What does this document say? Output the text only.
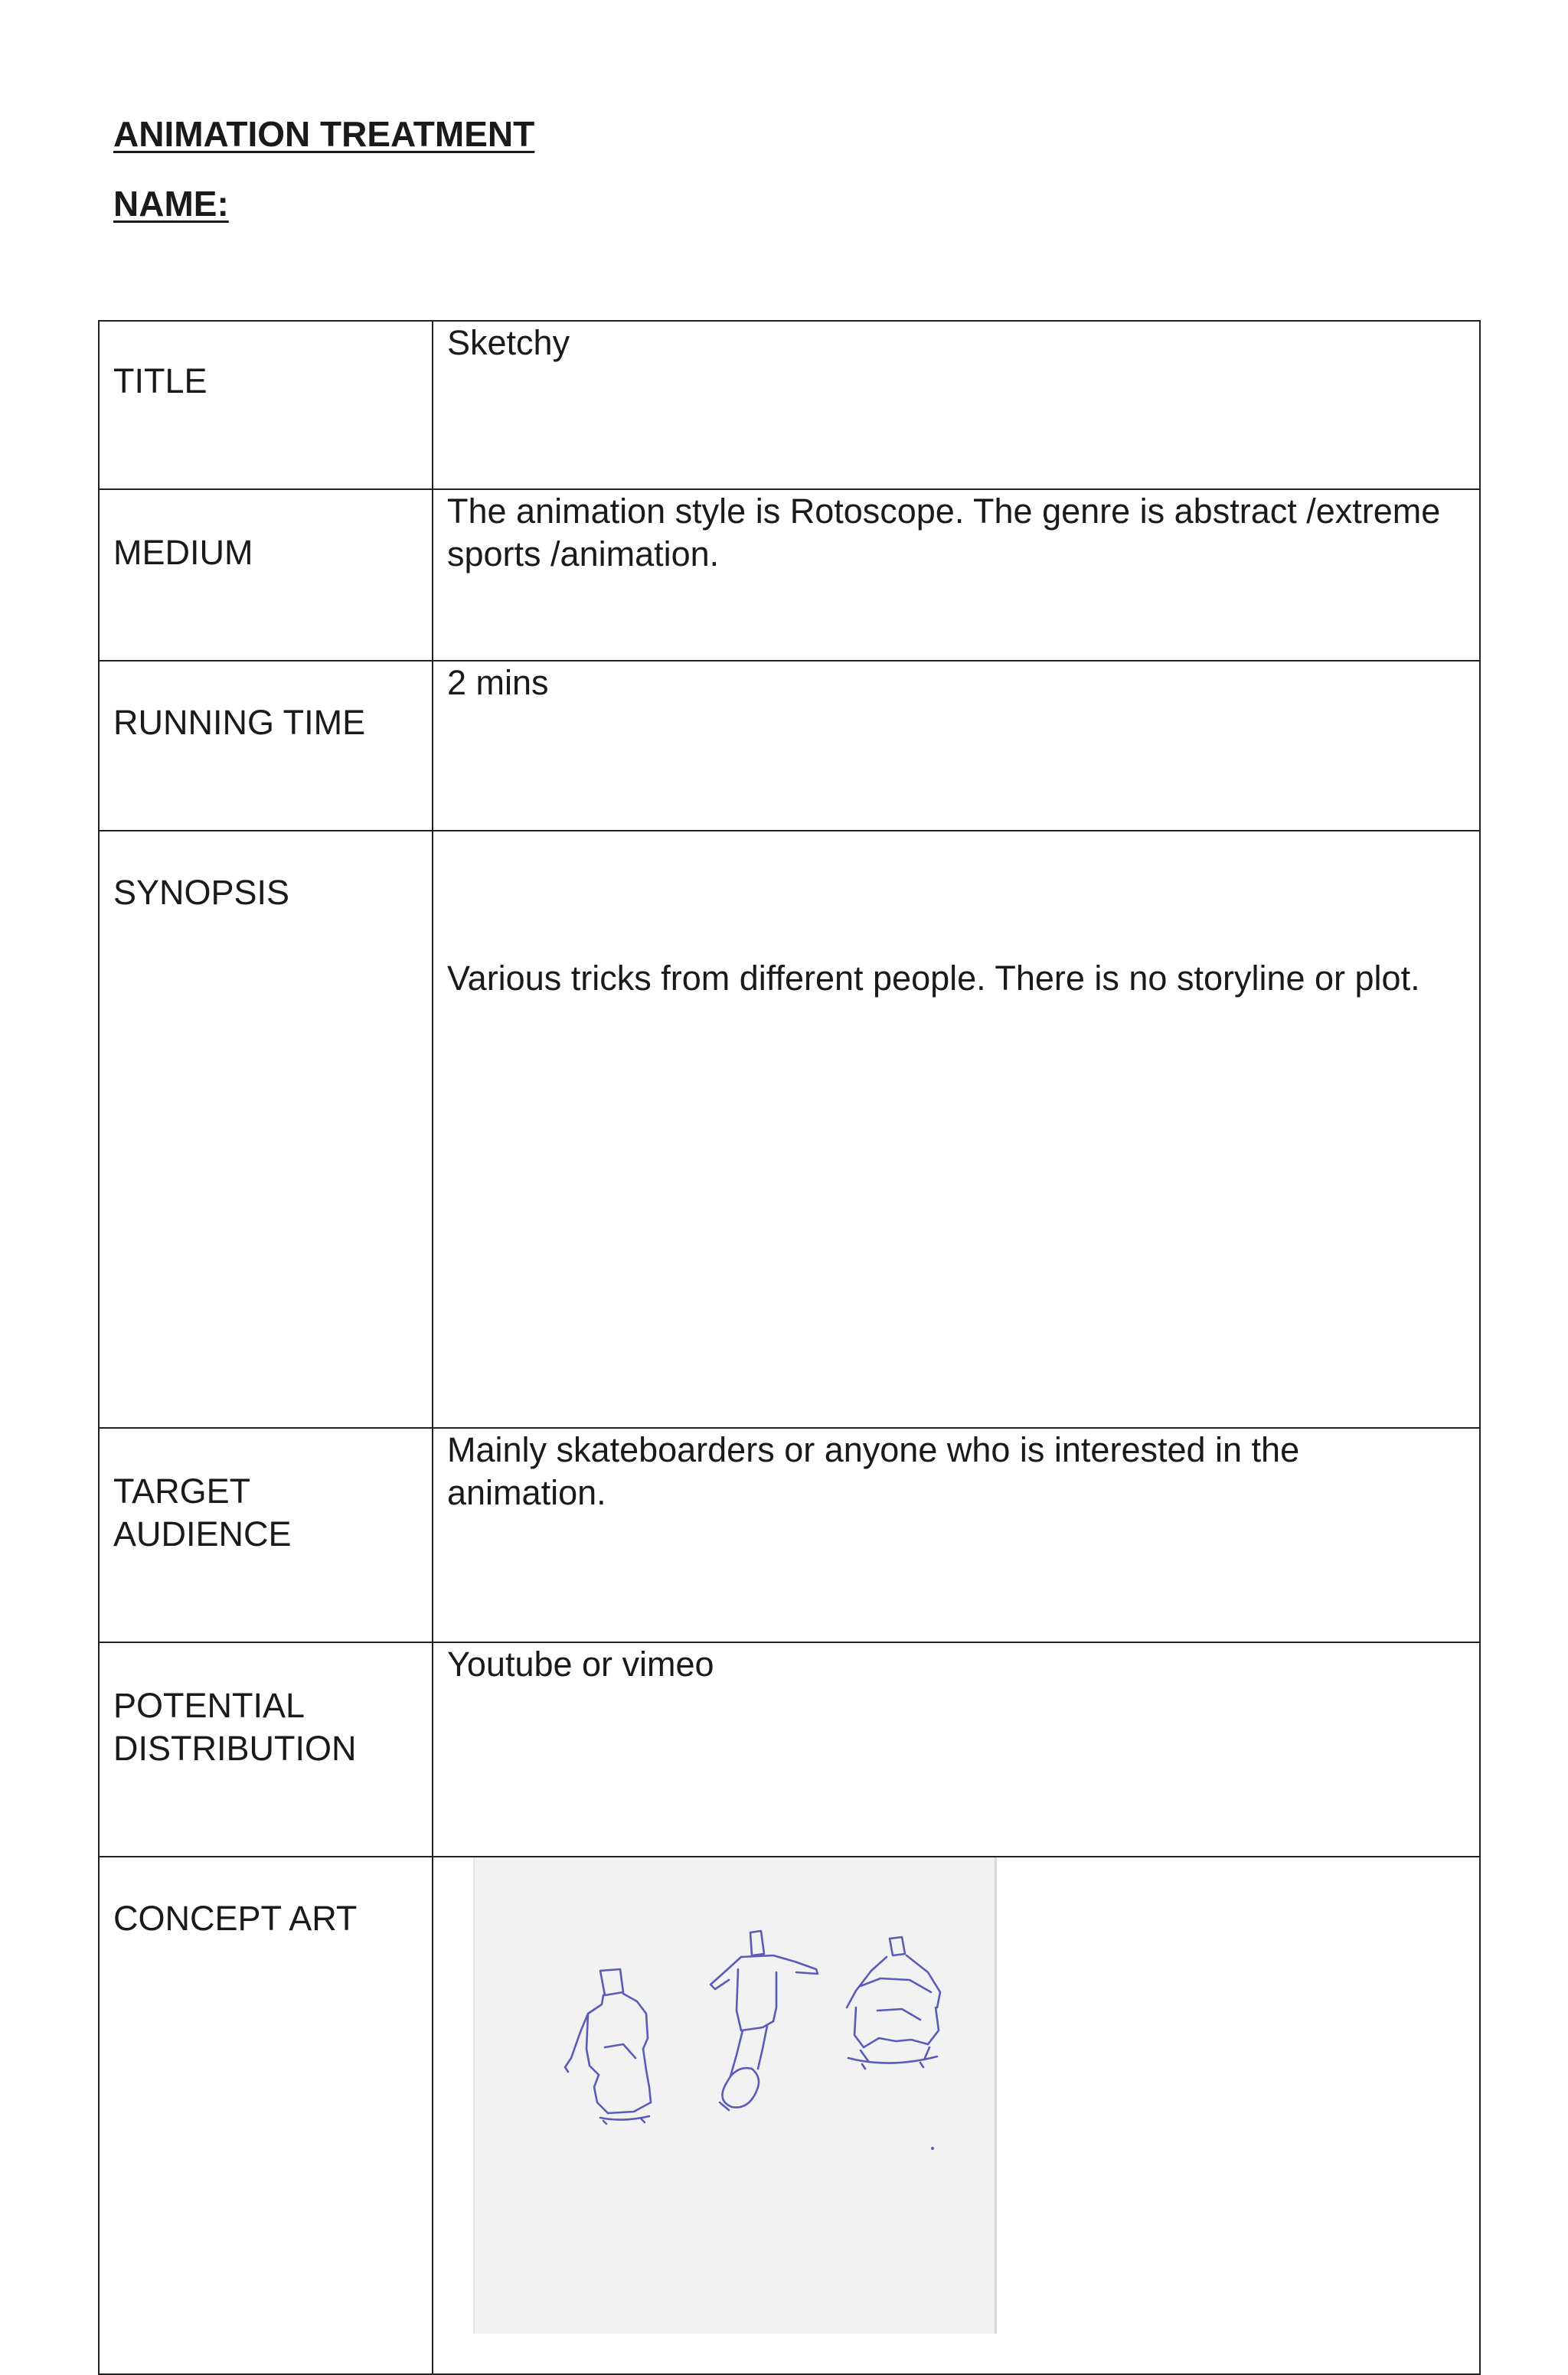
ANIMATION TREATMENT
NAME:
TITLE	Sketchy
MEDIUM	The animation style is Rotoscope. The genre is abstract /extreme sports /animation.
RUNNING TIME	2 mins
SYNOPSIS	Various tricks from different people. There is no storyline or plot.
TARGET AUDIENCE	Mainly skateboarders or anyone who is interested in the animation.
POTENTIAL DISTRIBUTION	Youtube or vimeo
CONCEPT ART	
